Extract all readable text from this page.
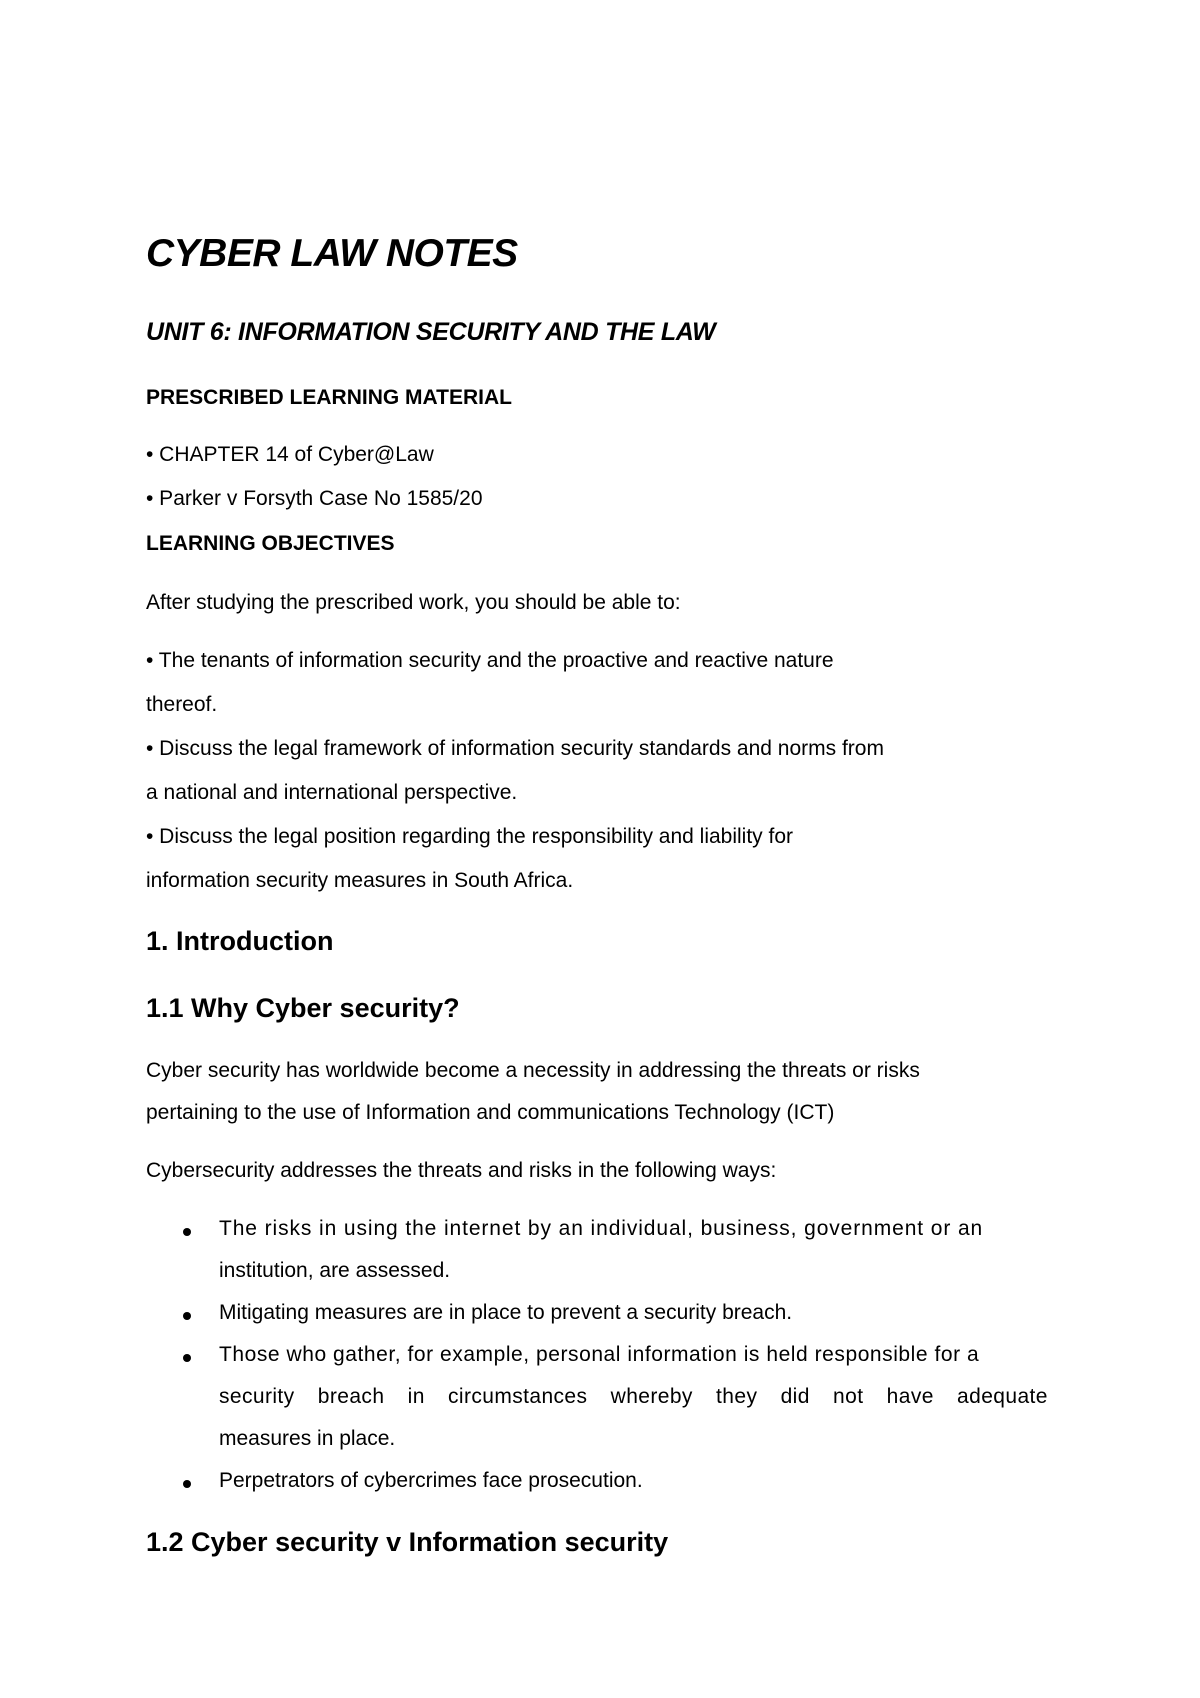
CYBER LAW NOTES
UNIT 6: INFORMATION SECURITY AND THE LAW
PRESCRIBED LEARNING MATERIAL
• CHAPTER 14 of Cyber@Law
• Parker v Forsyth Case No 1585/20
LEARNING OBJECTIVES
After studying the prescribed work, you should be able to:
• The tenants of information security and the proactive and reactive nature
thereof.
• Discuss the legal framework of information security standards and norms from
a national and international perspective.
• Discuss the legal position regarding the responsibility and liability for
information security measures in South Africa.
1. Introduction
1.1 Why Cyber security?
Cyber security has worldwide become a necessity in addressing the threats or risks
pertaining to the use of Information and communications Technology (ICT)
Cybersecurity addresses the threats and risks in the following ways:
The risks in using the internet by an individual, business, government or an
institution, are assessed.
Mitigating measures are in place to prevent a security breach.
Those who gather, for example, personal information is held responsible for a
security breach in circumstances whereby they did not have adequate
measures in place.
Perpetrators of cybercrimes face prosecution.
1.2 Cyber security v Information security
